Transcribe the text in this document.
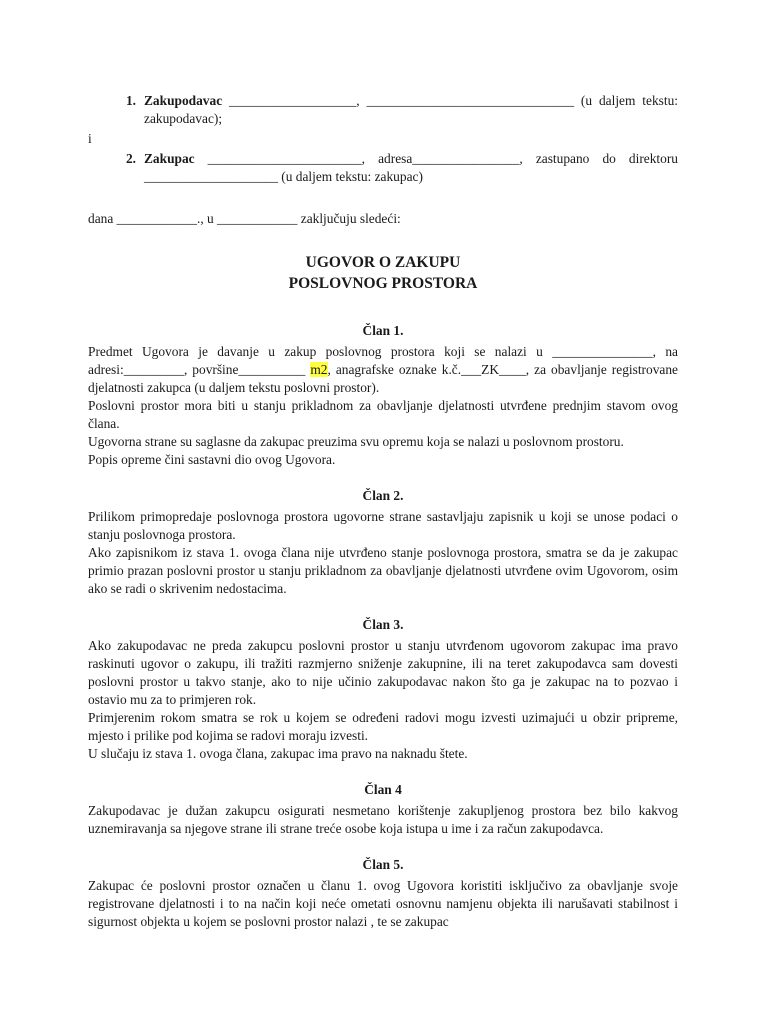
1. Zakupodavac ___________________, _______________________________ (u daljem tekstu: zakupodavac);
i
2. Zakupac _______________________, adresa________________, zastupano do direktoru ____________________ (u daljem tekstu: zakupac)
dana ____________., u ____________ zaključuju sledeći:
UGOVOR O ZAKUPU
POSLOVNOG PROSTORA
Član 1.

Predmet Ugovora je davanje u zakup poslovnog prostora koji se nalazi u _______________, na adresi:_________, površine__________ m2, anagrafske oznake k.č.___ZK____, za obavljanje registrovane djelatnosti zakupca (u daljem tekstu poslovni prostor).

Poslovni prostor mora biti u stanju prikladnom za obavljanje djelatnosti utvrđene prednjim stavom ovog člana.

Ugovorna strane su saglasne da zakupac preuzima svu opremu koja se nalazi u poslovnom prostoru.

Popis opreme čini sastavni dio ovog Ugovora.

Član 2.

Prilikom primopredaje poslovnoga prostora ugovorne strane sastavljaju zapisnik u koji se unose podaci o stanju poslovnoga prostora.

Ako zapisnikom iz stava 1. ovoga člana nije utvrđeno stanje poslovnoga prostora, smatra se da je zakupac primio prazan poslovni prostor u stanju prikladnom za obavljanje djelatnosti utvrđene ovim Ugovorom, osim ako se radi o skrivenim nedostacima.

Član 3.

Ako zakupodavac ne preda zakupcu poslovni prostor u stanju utvrđenom ugovorom zakupac ima pravo raskinuti ugovor o zakupu, ili tražiti razmjerno sniženje zakupnine, ili na teret zakupodavca sam dovesti poslovni prostor u takvo stanje, ako to nije učinio zakupodavac nakon što ga je zakupac na to pozvao i ostavio mu za to primjeren rok.

Primjerenim rokom smatra se rok u kojem se određeni radovi mogu izvesti uzimajući u obzir pripreme, mjesto i prilike pod kojima se radovi moraju izvesti.

U slučaju iz stava 1. ovoga člana, zakupac ima pravo na naknadu štete.

Član 4

Zakupodavac je dužan zakupcu osigurati nesmetano korištenje zakupljenog prostora bez bilo kakvog uznemiravanja sa njegove strane ili strane treće osobe koja istupa u ime i za račun zakupodavca.

Član 5.

Zakupac će poslovni prostor označen u članu 1. ovog Ugovora koristiti isključivo za obavljanje svoje registrovane djelatnosti i to na način koji neće ometati osnovnu namjenu objekta ili narušavati stabilnost i sigurnost objekta u kojem se poslovni prostor nalazi , te se zakupac
